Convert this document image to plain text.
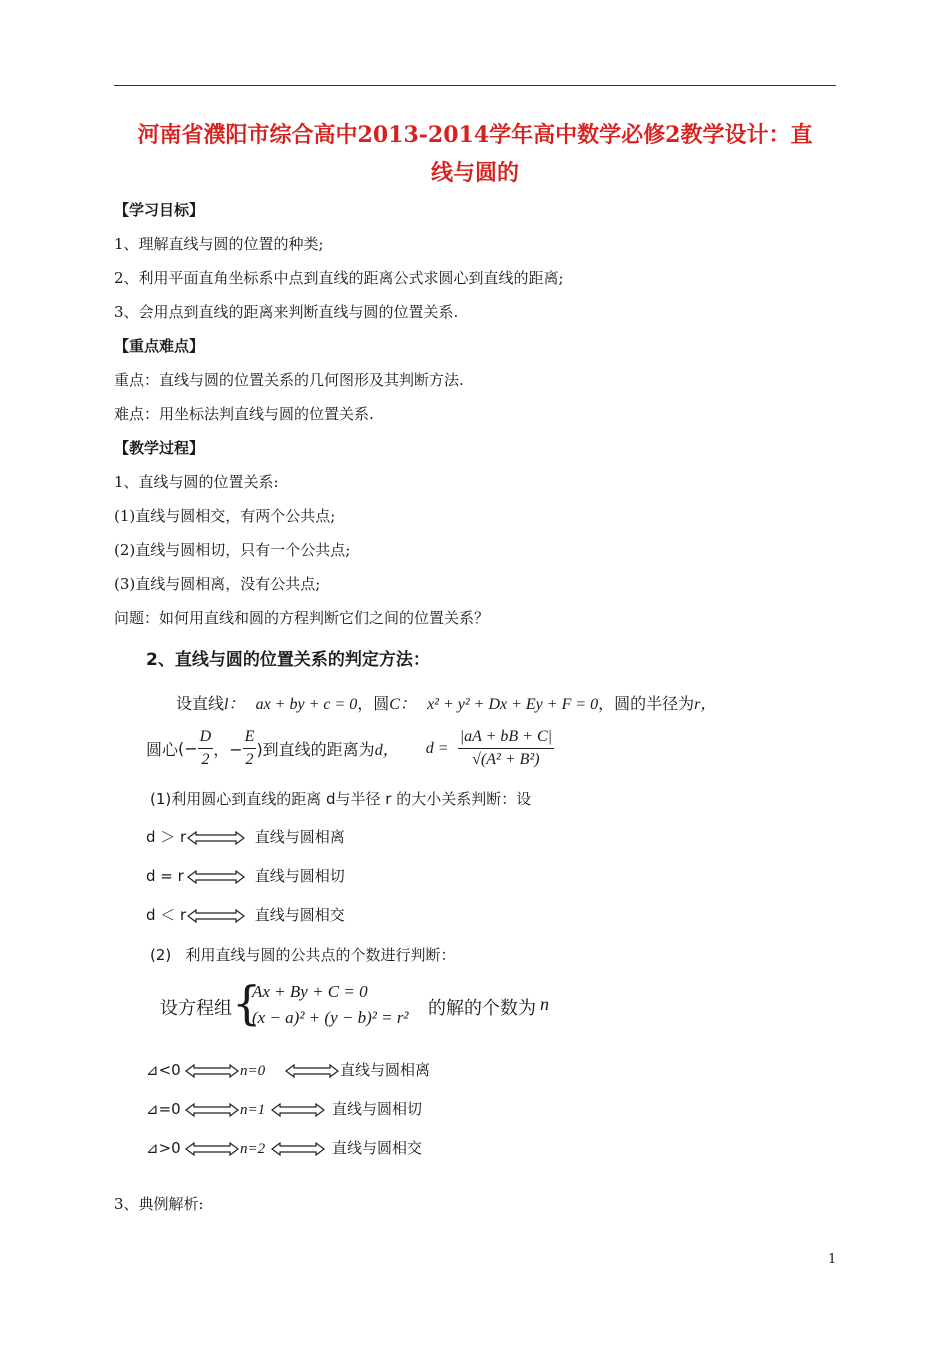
河南省濮阳市综合高中2013-2014学年高中数学必修2教学设计：直
线与圆的
【学习目标】
1、理解直线与圆的位置的种类;
2、利用平面直角坐标系中点到直线的距离公式求圆心到直线的距离;
3、会用点到直线的距离来判断直线与圆的位置关系.
【重点难点】
重点：直线与圆的位置关系的几何图形及其判断方法.
难点：用坐标法判直线与圆的位置关系.
【教学过程】
1、直线与圆的位置关系:
(1)直线与圆相交，有两个公共点;
(2)直线与圆相切，只有一个公共点;
(3)直线与圆相离，没有公共点;
问题：如何用直线和圆的方程判断它们之间的位置关系？
2、直线与圆的位置关系的判定方法：
设直线l： ax + by + c = 0，圆C： x² + y² + Dx + Ey + F = 0，圆的半径为r，
圆心(− $\frac{D}{2}$ ，− $\frac{E}{2}$ )到直线的距离为d， $d = \frac{|aA + bB + C|}{\text{√(A² + B²)}}$
(1)利用圆心到直线的距离 d与半径 r 的大小关系判断：设
d ＞ r	直线与圆相离
d = r	直线与圆相切
d ＜ r	直线与圆相交
(2)   利用直线与圆的公共点的个数进行判断：
设方程组 {
Ax + By + C = 0
(x − a)² + (y − b)² = r² 的解的个数为 n
⊿<0	n=0	直线与圆相离
⊿=0	n=1	直线与圆相切
⊿>0	n=2	直线与圆相交
3、典例解析:
1
